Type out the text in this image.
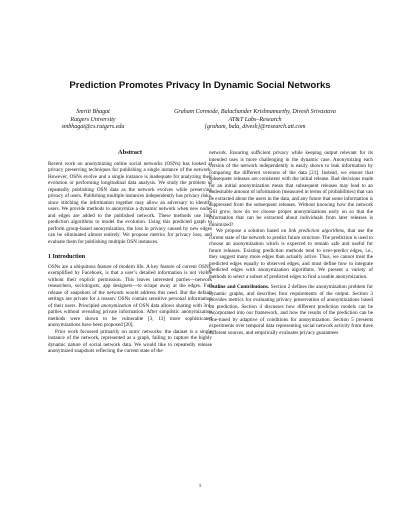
Prediction Promotes Privacy In Dynamic Social Networks
Smriti Bhagat
Rutgers University
smbhagat@cs.rutgers.edu
Graham Cormode, Balachander Krishnamurthy, Divesh Srivastava
AT&T Labs–Research
{graham, bala, divesh}@research.att.com
Abstract

Recent work on anonymizing online social networks (OSNs) has looked at privacy preserving techniques for publishing a single instance of the network. However, OSNs evolve and a single instance is inadequate for analyzing their evolution or performing longitudinal data analysis. We study the problem of repeatedly publishing OSN data as the network evolves while preserving privacy of users. Publishing multiple instances independently has privacy risks, since stitching the information together may allow an adversary to identify users. We provide methods to anonymize a dynamic network when new nodes and edges are added to the published network. These methods use link prediction algorithms to model the evolution. Using this predicted graph to perform group-based anonymization, the loss in privacy caused by new edges can be eliminated almost entirely. We propose metrics for privacy loss, and evaluate them for publishing multiple OSN instances.

1 Introduction

OSNs are a ubiquitous feature of modern life. A key feature of current OSNs, exemplified by Facebook, is that a user’s detailed information is not visible without their explicit permission. This leaves interested parties—network researchers, sociologists, app designers—to scrape away at the edges. Full release of snapshots of the network would address this need. But the default settings are private for a reason: OSNs contain sensitive personal information of their users. Principled anonymization of OSN data allows sharing with 3rd-parties without revealing private information. After simplistic anonymization methods were shown to be vulnerable [3, 13] more sophisticated anonymizations have been proposed [20].

Prior work focussed primarily on static networks: the dataset is a single instance of the network, represented as a graph, failing to capture the highly dynamic nature of social network data. We would like to repeatedly release anonymized snapshots reflecting the current state of the

network. Ensuring sufficient privacy while keeping output relevant for its intended uses is more challenging in the dynamic case. Anonymizing each version of the network independently is easily shown to leak information by comparing the different versions of the data [21]. Instead, we ensure that subsequent releases are consistent with the initial release. Bad decisions made for an initial anonymization mean that subsequent releases may lead to an undesirable amount of information (measured in terms of probabilities) that can be extracted about the users in the data, and any future that some information is suppressed from the subsequent releases. Without knowing how the network will grow, how do we choose proper anonymizations early on so that the information that can be extracted about individuals from later releases is minimized?

We propose a solution based on link prediction algorithms, that use the current state of the network to predict future structure. The prediction is used to choose an anonymization which is expected to remain safe and useful for future releases. Existing prediction methods tend to over-predict edges, i.e., they suggest many more edges than actually arrive. Thus, we cannot treat the predicted edges equally to observed edges, and must define how to integrate predicted edges with anonymization algorithms. We present a variety of methods to select a subset of predicted edges to find a usable anonymization.

Outline and Contributions. Section 2 defines the anonymization problem for dynamic graphs, and describes four requirements of the output. Section 3 provides metrics for evaluating privacy preservation of anonymizations based on prediction. Section 4 discusses how different prediction models can be incorporated into our framework, and how the results of the prediction can be fine-tuned by adaptive of conditions for anonymization. Section 5 presents experiments over temporal data representing social network activity from three different sources, and empirically evaluates privacy guarantees

1
